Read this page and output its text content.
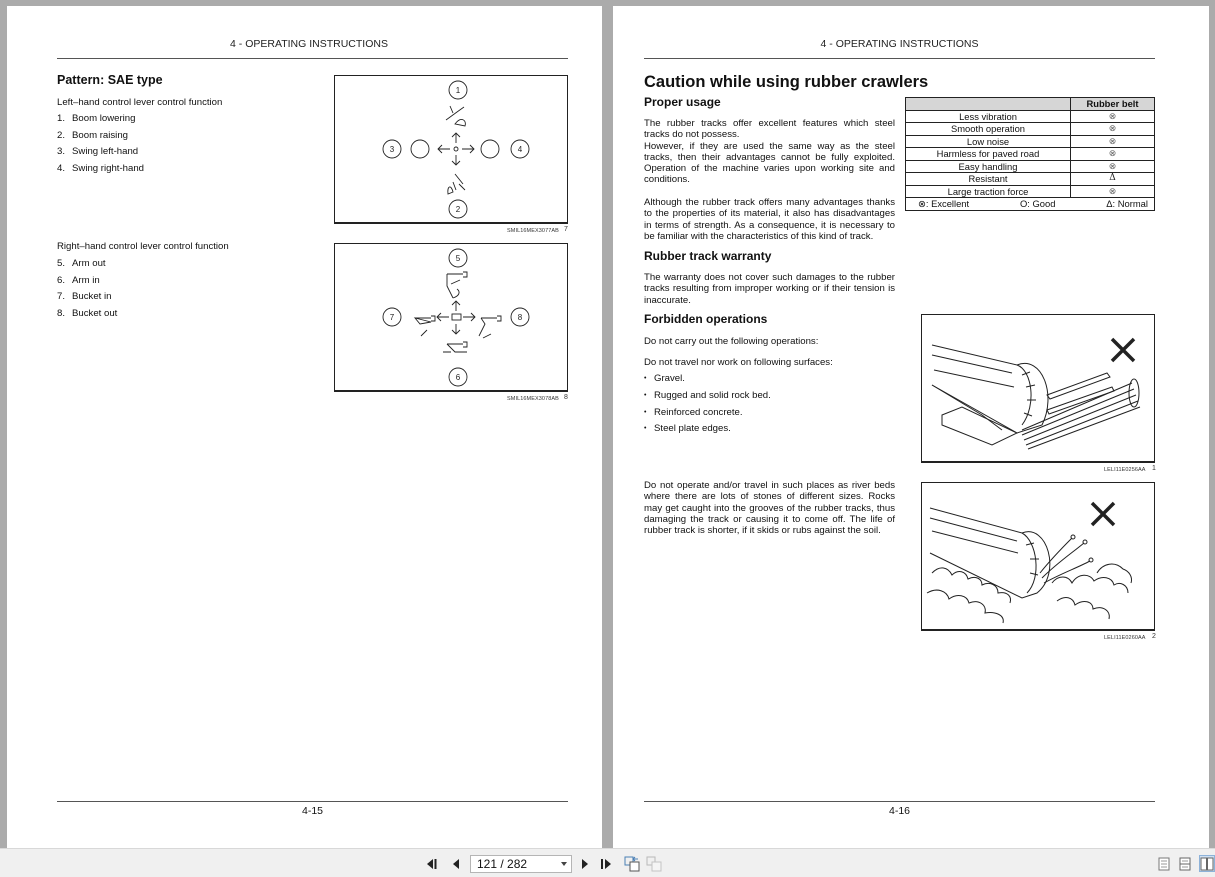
4 - OPERATING INSTRUCTIONS
Pattern: SAE type
Left–hand control lever control function
1. Boom lowering
2. Boom raising
3. Swing left-hand
4. Swing right-hand
1
2
3	4
SMIL16MEX3077AB 7
Right–hand control lever control function
5. Arm out
6. Arm in
7. Bucket in
8. Bucket out
5
6
7	8
SMIL16MEX3078AB 8
4-15
4 - OPERATING INSTRUCTIONS
Caution while using rubber crawlers
Proper usage
The rubber tracks offer excellent features which steel tracks do not possess.
However, if they are used the same way as the steel tracks, then their advantages cannot be fully exploited. Operation of the machine varies upon working site and conditions.
Although the rubber track offers many advantages thanks to the properties of its material, it also has disadvantages in terms of strength. As a consequence, it is necessary to be familiar with the characteristics of this kind of track.
	Rubber belt
Less vibration	⊗
Smooth operation	⊗
Low noise	⊗
Harmless for paved road	⊗
Easy handling	⊗
Resistant	Δ
Large traction force	⊗

⊗: Excellent O: Good Δ: Normal	
Rubber track warranty
The warranty does not cover such damages to the rubber tracks resulting from improper working or if their tension is inaccurate.
Forbidden operations
Do not carry out the following operations:
Do not travel nor work on following surfaces:
• Gravel.
• Rugged and solid rock bed.
• Reinforced concrete.
• Steel plate edges.
LELI11E0256AA 1
Do not operate and/or travel in such places as river beds where there are lots of stones of different sizes. Rocks may get caught into the grooves of the rubber tracks, thus damaging the track or causing it to come off. The life of rubber track is shorter, if it skids or rubs against the soil.
LELI11E0260AA 2
4-16
121 / 282
